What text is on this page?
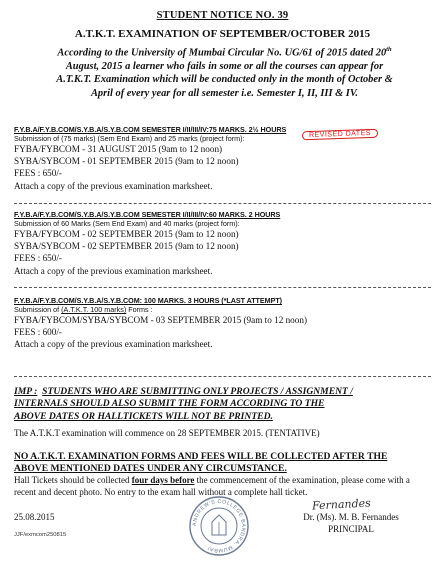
STUDENT NOTICE NO. 39
A.T.K.T. EXAMINATION OF SEPTEMBER/OCTOBER 2015
According to the University of Mumbai Circular No. UG/61 of 2015 dated 20th
August, 2015 a learner who fails in some or all the courses can appear for
A.T.K.T. Examination which will be conducted only in the month of October &
April of every year for all semester i.e. Semester I, II, III & IV.
F.Y.B.A/F.Y.B.COM/S.Y.B.A/S.Y.B.COM SEMESTER I/II/III/IV:75 MARKS. 2½ HOURS
Submission of (75 marks) (Sem End Exam) and 25 marks (project form):	REVISED DATES
FYBA/FYBCOM - 31 AUGUST 2015 (9am to 12 noon)
SYBA/SYBCOM - 01 SEPTEMBER 2015 (9am to 12 noon)
FEES : 650/-
Attach a copy of the previous examination marksheet.
F.Y.B.A/F.Y.B.COM/S.Y.B.A/S.Y.B.COM SEMESTER I/II/III/IV:60 MARKS. 2 HOURS
Submission of 60 Marks (Sem End Exam) and 40 marks (project form):
FYBA/FYBCOM - 02 SEPTEMBER 2015 (9am to 12 noon)
SYBA/SYBCOM - 02 SEPTEMBER 2015 (9am to 12 noon)
FEES : 650/-
Attach a copy of the previous examination marksheet.
F.Y.B.A/F.Y.B.COM/S.Y.B.A/S.Y.B.COM: 100 MARKS. 3 HOURS (*LAST ATTEMPT)
Submission of (A.T.K.T. 100 marks) Forms :
FYBA/FYBCOM/SYBA/SYBCOM - 03 SEPTEMBER 2015 (9am to 12 noon)
FEES : 600/-
Attach a copy of the previous examination marksheet.
IMP : STUDENTS WHO ARE SUBMITTING ONLY PROJECTS / ASSIGNMENT /
INTERNALS SHOULD ALSO SUBMIT THE FORM ACCORDING TO THE
ABOVE DATES OR HALLTICKETS WILL NOT BE PRINTED.
The A.T.K.T examination will commence on 28 SEPTEMBER 2015. (TENTATIVE)
NO A.T.K.T. EXAMINATION FORMS AND FEES WILL BE COLLECTED AFTER THE
ABOVE MENTIONED DATES UNDER ANY CIRCUMSTANCE.
Hall Tickets should be collected four days before the commencement of the examination, please come with a recent and decent photo. No entry to the exam hall without a complete hall ticket.
25.08.2015
JJF/exmcom250815
ANDREW'S COLLEGE BANDRA, MUMBAI
Fernandes
Dr. (Ms). M. B. Fernandes
PRINCIPAL
